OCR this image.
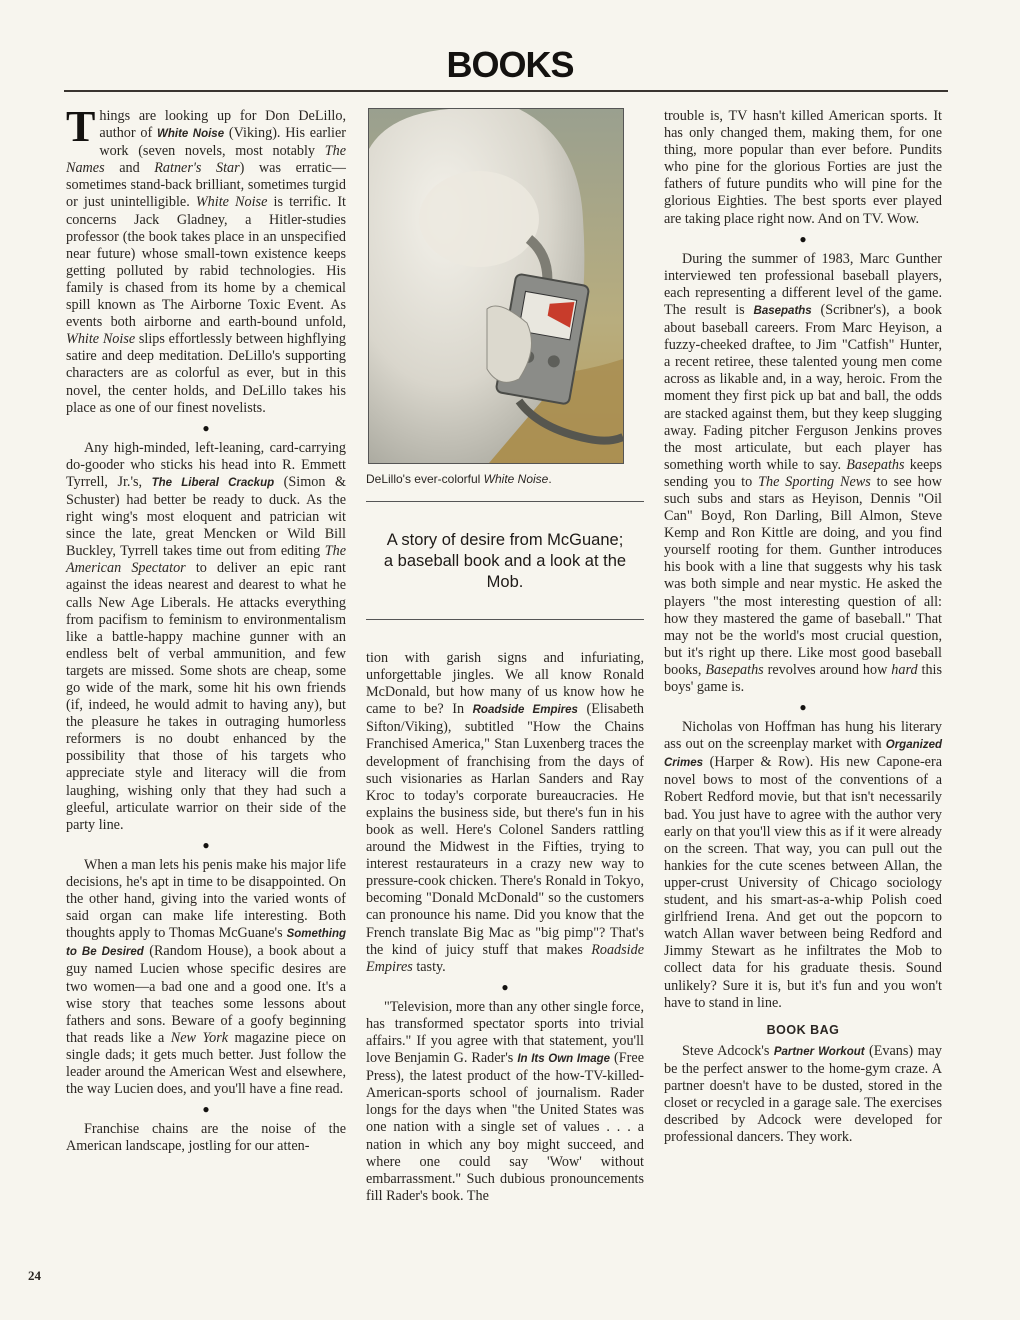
BOOKS

Things are looking up for Don DeLillo, author of White Noise (Viking). His earlier work (seven novels, most notably The Names and Ratner's Star) was erratic—sometimes stand-back brilliant, sometimes turgid or just unintelligible. White Noise is terrific. It concerns Jack Gladney, a Hitler-studies professor (the book takes place in an unspecified near future) whose small-town existence keeps getting polluted by rabid technologies. His family is chased from its home by a chemical spill known as The Airborne Toxic Event. As events both airborne and earth-bound unfold, White Noise slips effortlessly between highflying satire and deep meditation. DeLillo's supporting characters are as colorful as ever, but in this novel, the center holds, and DeLillo takes his place as one of our finest novelists.

●

Any high-minded, left-leaning, card-carrying do-gooder who sticks his head into R. Emmett Tyrrell, Jr.'s, The Liberal Crackup (Simon & Schuster) had better be ready to duck. As the right wing's most eloquent and patrician wit since the late, great Mencken or Wild Bill Buckley, Tyrrell takes time out from editing The American Spectator to deliver an epic rant against the ideas nearest and dearest to what he calls New Age Liberals. He attacks everything from pacifism to feminism to environmentalism like a battle-happy machine gunner with an endless belt of verbal ammunition, and few targets are missed. Some shots are cheap, some go wide of the mark, some hit his own friends (if, indeed, he would admit to having any), but the pleasure he takes in outraging humorless reformers is no doubt enhanced by the possibility that those of his targets who appreciate style and literacy will die from laughing, wishing only that they had such a gleeful, articulate warrior on their side of the party line.

●

When a man lets his penis make his major life decisions, he's apt in time to be disappointed. On the other hand, giving into the varied wonts of said organ can make life interesting. Both thoughts apply to Thomas McGuane's Something to Be Desired (Random House), a book about a guy named Lucien whose specific desires are two women—a bad one and a good one. It's a wise story that teaches some lessons about fathers and sons. Beware of a goofy beginning that reads like a New York magazine piece on single dads; it gets much better. Just follow the leader around the American West and elsewhere, the way Lucien does, and you'll have a fine read.

●

Franchise chains are the noise of the American landscape, jostling for our atten-

DeLillo's ever-colorful White Noise.
A story of desire from McGuane; a baseball book and a look at the Mob.

tion with garish signs and infuriating, unforgettable jingles. We all know Ronald McDonald, but how many of us know how he came to be? In Roadside Empires (Elisabeth Sifton/Viking), subtitled "How the Chains Franchised America," Stan Luxenberg traces the development of franchising from the days of such visionaries as Harlan Sanders and Ray Kroc to today's corporate bureaucracies. He explains the business side, but there's fun in his book as well. Here's Colonel Sanders rattling around the Midwest in the Fifties, trying to interest restaurateurs in a crazy new way to pressure-cook chicken. There's Ronald in Tokyo, becoming "Donald McDonald" so the customers can pronounce his name. Did you know that the French translate Big Mac as "big pimp"? That's the kind of juicy stuff that makes Roadside Empires tasty.

●

"Television, more than any other single force, has transformed spectator sports into trivial affairs." If you agree with that statement, you'll love Benjamin G. Rader's In Its Own Image (Free Press), the latest product of the how-TV-killed-American-sports school of journalism. Rader longs for the days when "the United States was one nation with a single set of values . . . a nation in which any boy might succeed, and where one could say 'Wow' without embarrassment." Such dubious pronouncements fill Rader's book. The

trouble is, TV hasn't killed American sports. It has only changed them, making them, for one thing, more popular than ever before. Pundits who pine for the glorious Forties are just the fathers of future pundits who will pine for the glorious Eighties. The best sports ever played are taking place right now. And on TV. Wow.

●

During the summer of 1983, Marc Gunther interviewed ten professional baseball players, each representing a different level of the game. The result is Basepaths (Scribner's), a book about baseball careers. From Marc Heyison, a fuzzy-cheeked draftee, to Jim "Catfish" Hunter, a recent retiree, these talented young men come across as likable and, in a way, heroic. From the moment they first pick up bat and ball, the odds are stacked against them, but they keep slugging away. Fading pitcher Ferguson Jenkins proves the most articulate, but each player has something worth while to say. Basepaths keeps sending you to The Sporting News to see how such subs and stars as Heyison, Dennis "Oil Can" Boyd, Ron Darling, Bill Almon, Steve Kemp and Ron Kittle are doing, and you find yourself rooting for them. Gunther introduces his book with a line that suggests why his task was both simple and near mystic. He asked the players "the most interesting question of all: how they mastered the game of baseball." That may not be the world's most crucial question, but it's right up there. Like most good baseball books, Basepaths revolves around how hard this boys' game is.

●

Nicholas von Hoffman has hung his literary ass out on the screenplay market with Organized Crimes (Harper & Row). His new Capone-era novel bows to most of the conventions of a Robert Redford movie, but that isn't necessarily bad. You just have to agree with the author very early on that you'll view this as if it were already on the screen. That way, you can pull out the hankies for the cute scenes between Allan, the upper-crust University of Chicago sociology student, and his smart-as-a-whip Polish coed girlfriend Irena. And get out the popcorn to watch Allan waver between being Redford and Jimmy Stewart as he infiltrates the Mob to collect data for his graduate thesis. Sound unlikely? Sure it is, but it's fun and you won't have to stand in line.

BOOK BAG

Steve Adcock's Partner Workout (Evans) may be the perfect answer to the home-gym craze. A partner doesn't have to be dusted, stored in the closet or recycled in a garage sale. The exercises described by Adcock were developed for professional dancers. They work.

24
